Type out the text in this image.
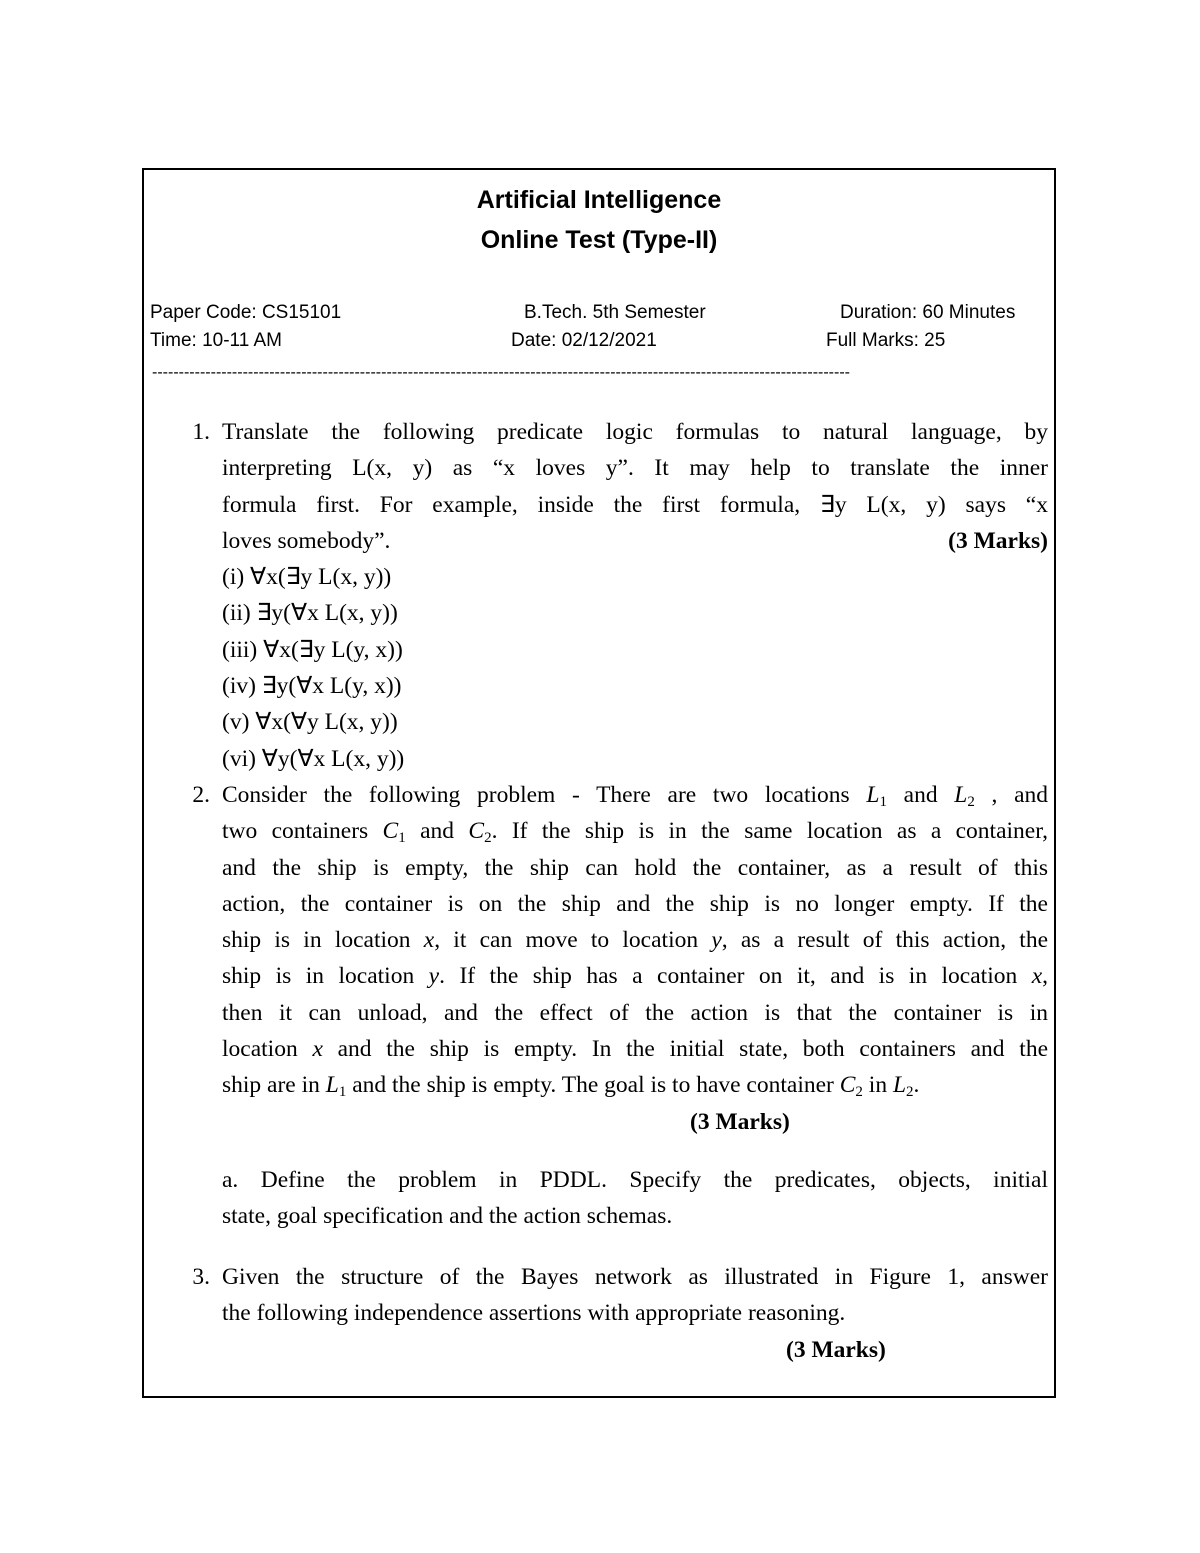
Artificial Intelligence
Online Test (Type-II)
Paper Code: CS15101	B.Tech. 5th Semester	Duration: 60 Minutes
Time: 10-11 AM	Date: 02/12/2021	Full Marks: 25
-----------------------------------------------------------------------------------------------------------------------------------
1. Translate the following predicate logic formulas to natural language, by
interpreting L(x, y) as “x loves y”. It may help to translate the inner
formula first. For example, inside the first formula, ∃y L(x, y) says “x
loves somebody”.	(3 Marks)
(i) ∀x(∃y L(x, y))
(ii) ∃y(∀x L(x, y))
(iii) ∀x(∃y L(y, x))
(iv) ∃y(∀x L(y, x))
(v) ∀x(∀y L(x, y))
(vi) ∀y(∀x L(x, y))
2. Consider the following problem - There are two locations $L_1$ and $L_2$ , and
two containers $C_1$ and $C_2$. If the ship is in the same location as a container,
and the ship is empty, the ship can hold the container, as a result of this
action, the container is on the ship and the ship is no longer empty. If the
ship is in location x, it can move to location y, as a result of this action, the
ship is in location y. If the ship has a container on it, and is in location x,
then it can unload, and the effect of the action is that the container is in
location x and the ship is empty. In the initial state, both containers and the
ship are in $L_1$ and the ship is empty. The goal is to have container $C_2$ in $L_2$.
(3 Marks)
a. Define the problem in PDDL. Specify the predicates, objects, initial
state, goal specification and the action schemas.
3. Given the structure of the Bayes network as illustrated in Figure 1, answer
the following independence assertions with appropriate reasoning.
(3 Marks)
